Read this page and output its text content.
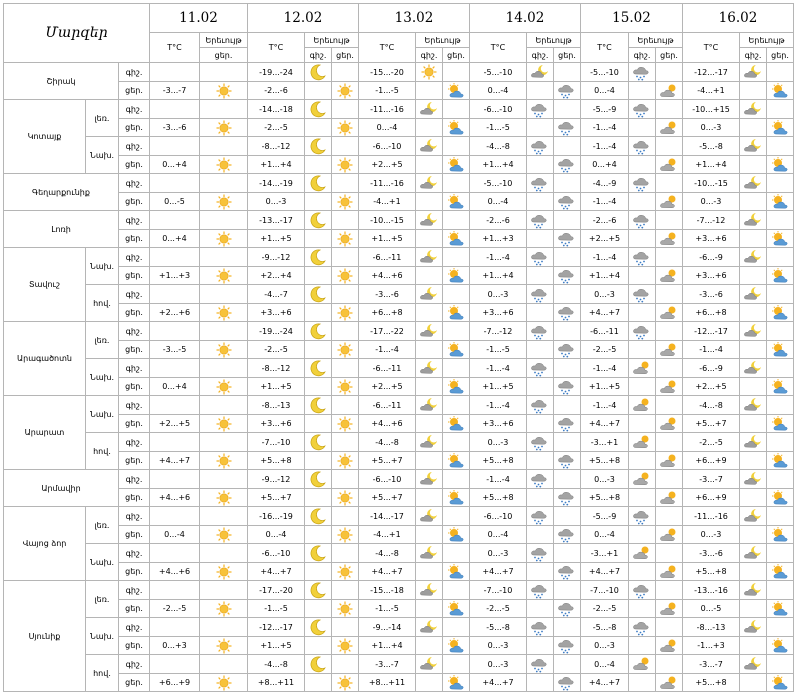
Մարզեր			11.02		12.02			13.02			14.02			15.02			16.02		
			T°C	Երեւույթ	T°C	Երեւույթ		T°C	Երեւույթ		T°C	Երեւույթ		T°C	Երեւույթ		T°C	Երեւույթ	
				ցեր.		գիշ.	ցեր.		գիշ.	ցեր.		գիշ.	ցեր.		գիշ.	ցեր.		գիշ.	ցեր.
Շիրակ		գիշ.			-19...-24			-15...-20			-5...-10			-5...-10			-12...-17	

		ցեր.	-3...-7		-2...-6			-1...-5			0...-4			0...-4			-4...+1		

Կոտայք	լեռ.	գիշ.			-14...-18			-11...-16			-6...-10			-5...-9			-10...+15	

		ցեր.	-3...-6		-2...-5			0...-4			-1...-5			-1...-4			0...-3		

	Նախ.	գիշ.			-8...-12			-6...-10			-4...-8			-1...-4			-5...-8	

		ցեր.	0...+4		+1...+4			+2...+5			+1...+4			0...+4			+1...+4		

Գեղարքունիք		գիշ.			-14...-19			-11...-16			-5...-10			-4...-9			-10...-15	

		ցեր.	0...-5		0...-3			-4...+1			0...-4			-1...-4			0...-3		

Լոռի		գիշ.			-13...-17			-10...-15			-2...-6			-2...-6			-7...-12	

		ցեր.	0...+4		+1...+5			+1...+5			+1...+3			+2...+5			+3...+6		

Տավուշ	Նախ.	գիշ.			-9...-12			-6...-11			-1...-4			-1...-4			-6...-9	

		ցեր.	+1...+3		+2...+4			+4...+6			+1...+4			+1...+4			+3...+6		

	հով.	գիշ.			-4...-7			-3...-6			0...-3			0...-3			-3...-6	

		ցեր.	+2...+6		+3...+6			+6...+8			+3...+6			+4...+7			+6...+8		

Արագածոտն	լեռ.	գիշ.			-19...-24			-17...-22			-7...-12			-6...-11			-12...-17	

		ցեր.	-3...-5		-2...-5			-1...-4			-1...-5			-2...-5			-1...-4		

	Նախ.	գիշ.			-8...-12			-6...-11			-1...-4			-1...-4			-6...-9	

		ցեր.	0...+4		+1...+5			+2...+5			+1...+5			+1...+5			+2...+5		

Արարատ	Նախ.	գիշ.			-8...-13			-6...-11			-1...-4			-1...-4			-4...-8	

		ցեր.	+2...+5		+3...+6			+4...+6			+3...+6			+4...+7			+5...+7		

	հով.	գիշ.			-7...-10			-4...-8			0...-3			-3...+1			-2...-5	

		ցեր.	+4...+7		+5...+8			+5...+7			+5...+8			+5...+8			+6...+9		

Արմավիր		գիշ.			-9...-12			-6...-10			-1...-4			0...-3			-3...-7	

		ցեր.	+4...+6		+5...+7			+5...+7			+5...+8			+5...+8			+6...+9		

Վայոց ձոր	լեռ.	գիշ.			-16...-19			-14...-17			-6...-10			-5...-9			-11...-16	

		ցեր.	0...-4		0...-4			-4...+1			0...-4			0...-4			0...-3		

	Նախ.	գիշ.			-6...-10			-4...-8			0...-3			-3...+1			-3...-6	

		ցեր.	+4...+6		+4...+7			+4...+7			+4...+7			+4...+7			+5...+8		

Սյունիք	լեռ.	գիշ.			-17...-20			-15...-18			-7...-10			-7...-10			-13...-16	

		ցեր.	-2...-5		-1...-5			-1...-5			-2...-5			-2...-5			0...-5		

	Նախ.	գիշ.			-12...-17			-9...-14			-5...-8			-5...-8			-8...-13	

		ցեր.	0...+3		+1...+5			+1...+4			0...-3			0...-3			-1...+3		

	հով.	գիշ.			-4...-8			-3...-7			0...-3			0...-4			-3...-7	

		ցեր.	+6...+9		+8...+11			+8...+11			+4...+7			+4...+7			+5...+8		
